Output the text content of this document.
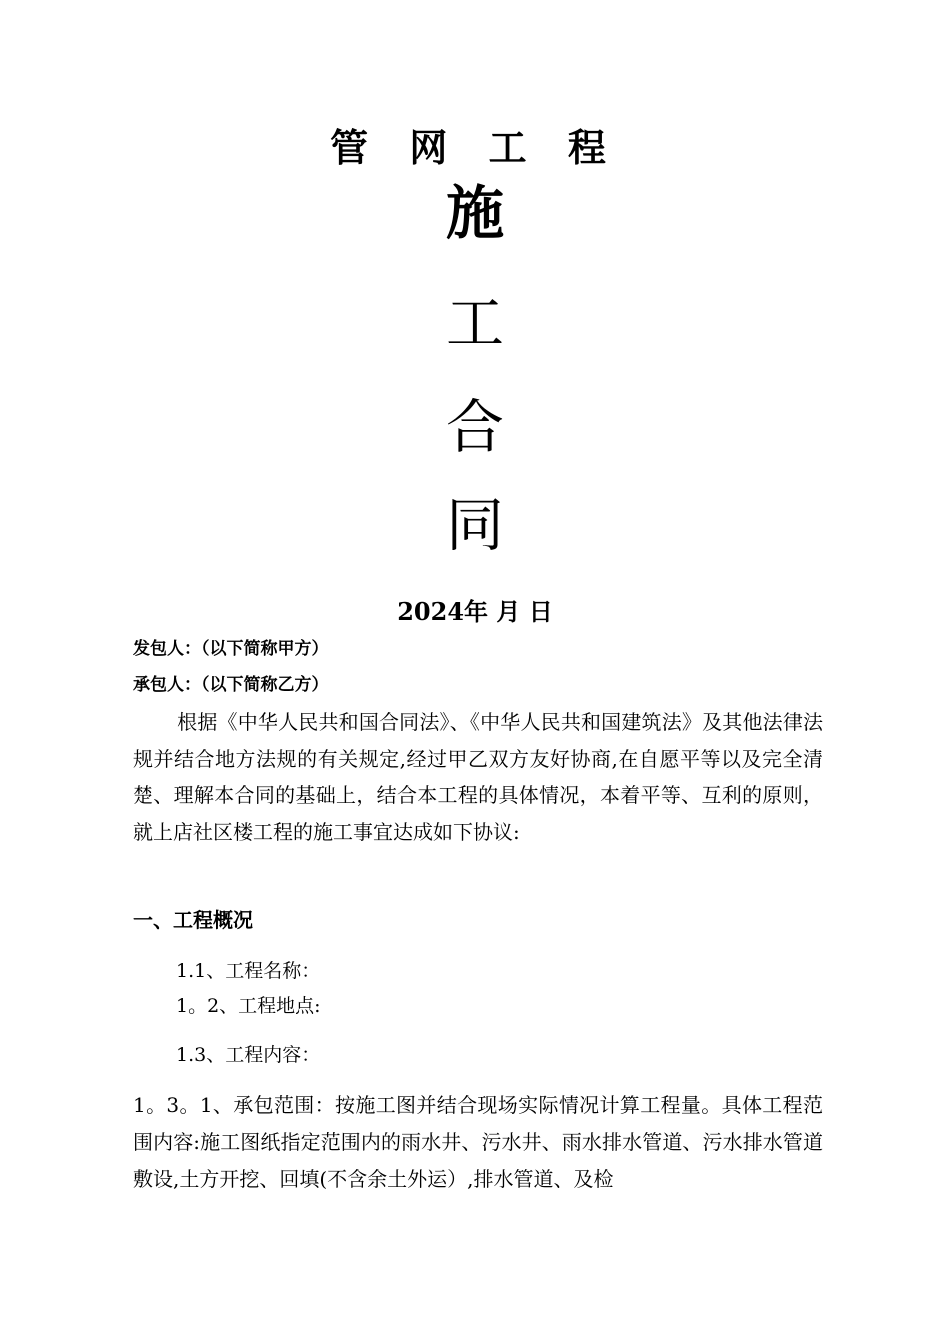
管 网 工 程
施
工
合
同
2024年 月 日
发包人：（以下简称甲方）
承包人：（以下简称乙方）
根据《中华人民共和国合同法》、《中华人民共和国建筑法》及其他法律法规并结合地方法规的有关规定,经过甲乙双方友好协商,在自愿平等以及完全清楚、理解本合同的基础上，结合本工程的具体情况，本着平等、互利的原则，就上店社区楼工程的施工事宜达成如下协议:
一、工程概况
1.1、工程名称：
1。2、工程地点:
1.3、工程内容：
1。3。1、承包范围：按施工图并结合现场实际情况计算工程量。具体工程范围内容:施工图纸指定范围内的雨水井、污水井、雨水排水管道、污水排水管道敷设,土方开挖、回填(不含余土外运）,排水管道、及检
